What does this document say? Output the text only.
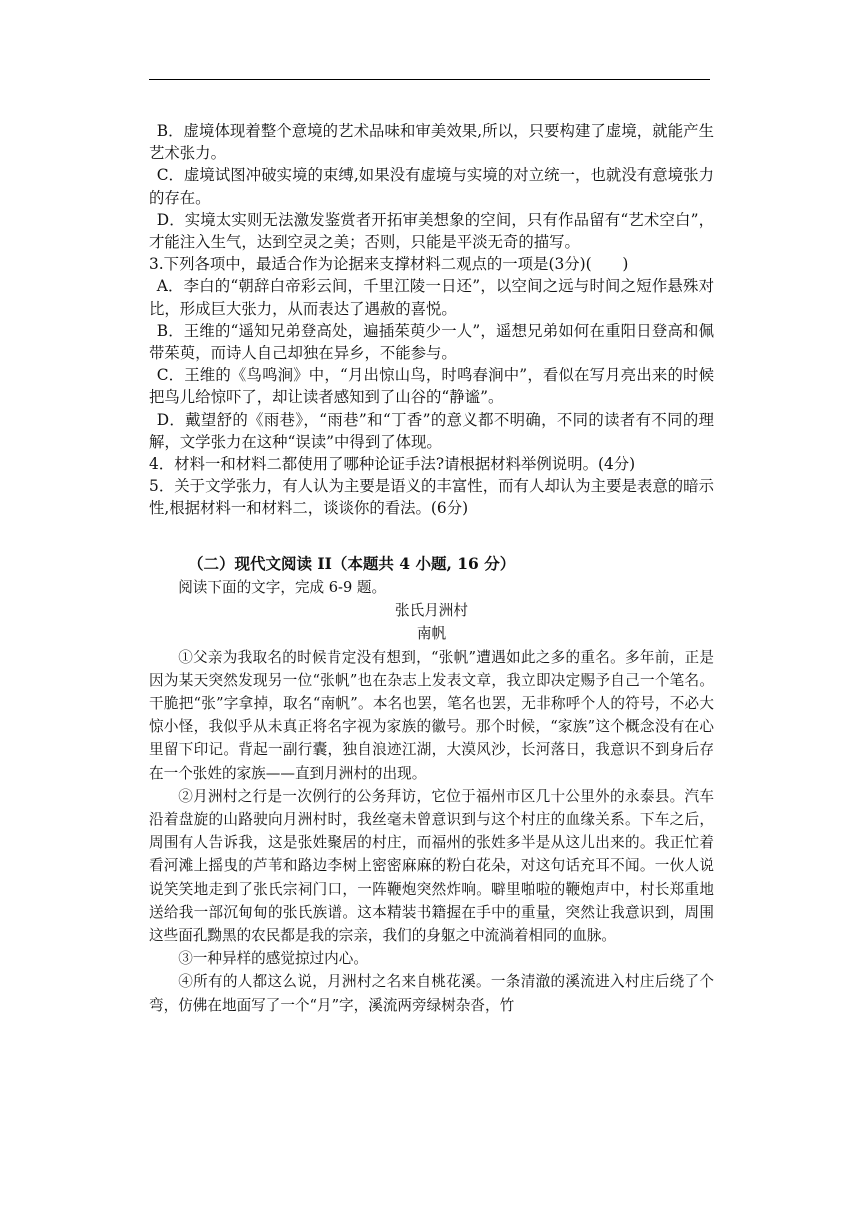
B．虚境体现着整个意境的艺术品味和审美效果,所以，只要构建了虚境，就能产生艺术张力。

C．虚境试图冲破实境的束缚,如果没有虚境与实境的对立统一，也就没有意境张力的存在。

D．实境太实则无法激发鉴赏者开拓审美想象的空间，只有作品留有“艺术空白”，才能注入生气，达到空灵之美；否则，只能是平淡无奇的描写。

3.下列各项中，最适合作为论据来支撑材料二观点的一项是(3分)(　　)

A．李白的“朝辞白帝彩云间，千里江陵一日还”，以空间之远与时间之短作悬殊对比，形成巨大张力，从而表达了遇赦的喜悦。

B．王维的“遥知兄弟登高处，遍插茱萸少一人”，遥想兄弟如何在重阳日登高和佩带茱萸，而诗人自己却独在异乡，不能参与。

C．王维的《鸟鸣涧》中，“月出惊山鸟，时鸣春涧中”，看似在写月亮出来的时候把鸟儿给惊吓了，却让读者感知到了山谷的“静谧”。

D．戴望舒的《雨巷》，“雨巷”和“丁香”的意义都不明确，不同的读者有不同的理解，文学张力在这种“误读”中得到了体现。

4．材料一和材料二都使用了哪种论证手法?请根据材料举例说明。(4分)

5．关于文学张力，有人认为主要是语义的丰富性，而有人却认为主要是表意的暗示性,根据材料一和材料二，谈谈你的看法。(6分)

（二）现代文阅读 II（本题共 4 小题, 16 分）

阅读下面的文字，完成 6-9 题。

张氏月洲村

南帆

①父亲为我取名的时候肯定没有想到，“张帆”遭遇如此之多的重名。多年前，正是因为某天突然发现另一位“张帆”也在杂志上发表文章，我立即决定赐予自己一个笔名。干脆把“张”字拿掉，取名“南帆”。本名也罢，笔名也罢，无非称呼个人的符号，不必大惊小怪，我似乎从未真正将名字视为家族的徽号。那个时候，“家族”这个概念没有在心里留下印记。背起一副行囊，独自浪迹江湖，大漠风沙，长河落日，我意识不到身后存在一个张姓的家族——直到月洲村的出现。

②月洲村之行是一次例行的公务拜访，它位于福州市区几十公里外的永泰县。汽车沿着盘旋的山路驶向月洲村时，我丝毫未曾意识到与这个村庄的血缘关系。下车之后，周围有人告诉我，这是张姓聚居的村庄，而福州的张姓多半是从这儿出来的。我正忙着看河滩上摇曳的芦苇和路边李树上密密麻麻的粉白花朵，对这句话充耳不闻。一伙人说说笑笑地走到了张氏宗祠门口，一阵鞭炮突然炸响。噼里啪啦的鞭炮声中，村长郑重地送给我一部沉甸甸的张氏族谱。这本精装书籍握在手中的重量，突然让我意识到，周围这些面孔黝黑的农民都是我的宗亲，我们的身躯之中流淌着相同的血脉。

③一种异样的感觉掠过内心。

④所有的人都这么说，月洲村之名来自桃花溪。一条清澈的溪流进入村庄后绕了个弯，仿佛在地面写了一个“月”字，溪流两旁绿树杂沓，竹
